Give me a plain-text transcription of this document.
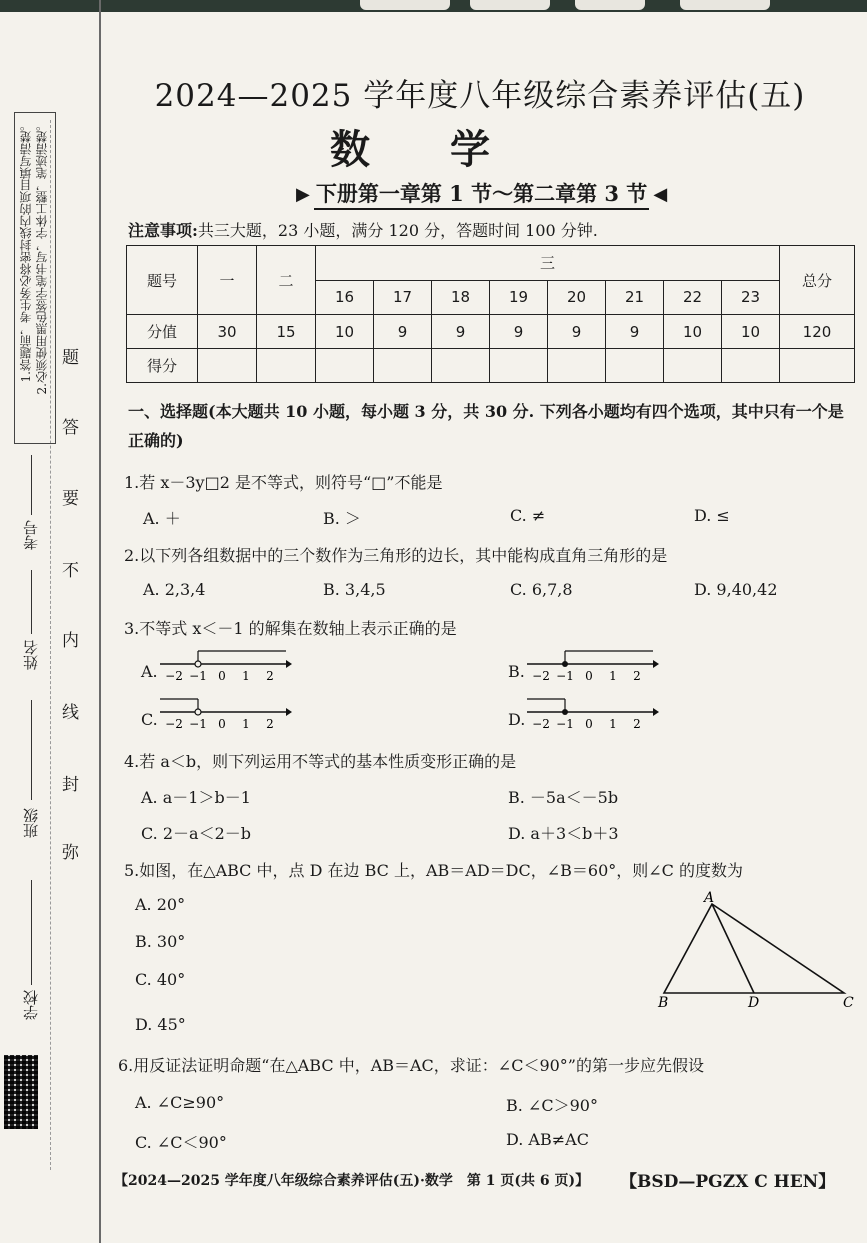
1.答题前，考生务必将密封线内的项目填写清楚。 2.必须使用黑色签字笔书写，字体工整，笔迹清楚。
学校
班级
姓名
考号
弥
封
线
内
不
要
答
题
2024—2025 学年度八年级综合素养评估(五)
数学
▶ 下册第一章第 1 节～第二章第 3 节 ◀
注意事项:共三大题，23 小题，满分 120 分，答题时间 100 分钟.
题号	一	二	三								总分
			16	17	18	19	20	21	22	23	
分值	30	15	10	9	9	9	9	9	10	10	120
得分											
一、选择题(本大题共 10 小题，每小题 3 分，共 30 分. 下列各小题均有四个选项，其中只有一个是正确的)
1.若 x－3y□2 是不等式，则符号“□”不能是
A. ＋	B. ＞	C. ≠	D. ≤
2.以下列各组数据中的三个数作为三角形的边长，其中能构成直角三角形的是
A. 2,3,4	B. 3,4,5	C. 6,7,8	D. 9,40,42
3.不等式 x＜－1 的解集在数轴上表示正确的是
A. −2 −1 0 1 2	B. −2 −1 0 1 2
C. −2 −1 0 1 2	D. −2 −1 0 1 2
4.若 a＜b，则下列运用不等式的基本性质变形正确的是
A. a－1＞b－1	B. －5a＜－5b
C. 2－a＜2－b	D. a＋3＜b＋3
5.如图，在△ABC 中，点 D 在边 BC 上，AB＝AD＝DC，∠B＝60°，则∠C 的度数为
A. 20°
B. 30°
C. 40°
D. 45°
A
B	D	C
6.用反证法证明命题“在△ABC 中，AB＝AC，求证：∠C＜90°”的第一步应先假设
A. ∠C≥90°	B. ∠C＞90°
C. ∠C＜90°	D. AB≠AC
【2024—2025 学年度八年级综合素养评估(五)·数学　第 1 页(共 6 页)】 【BSD—PGZX C HEN】
